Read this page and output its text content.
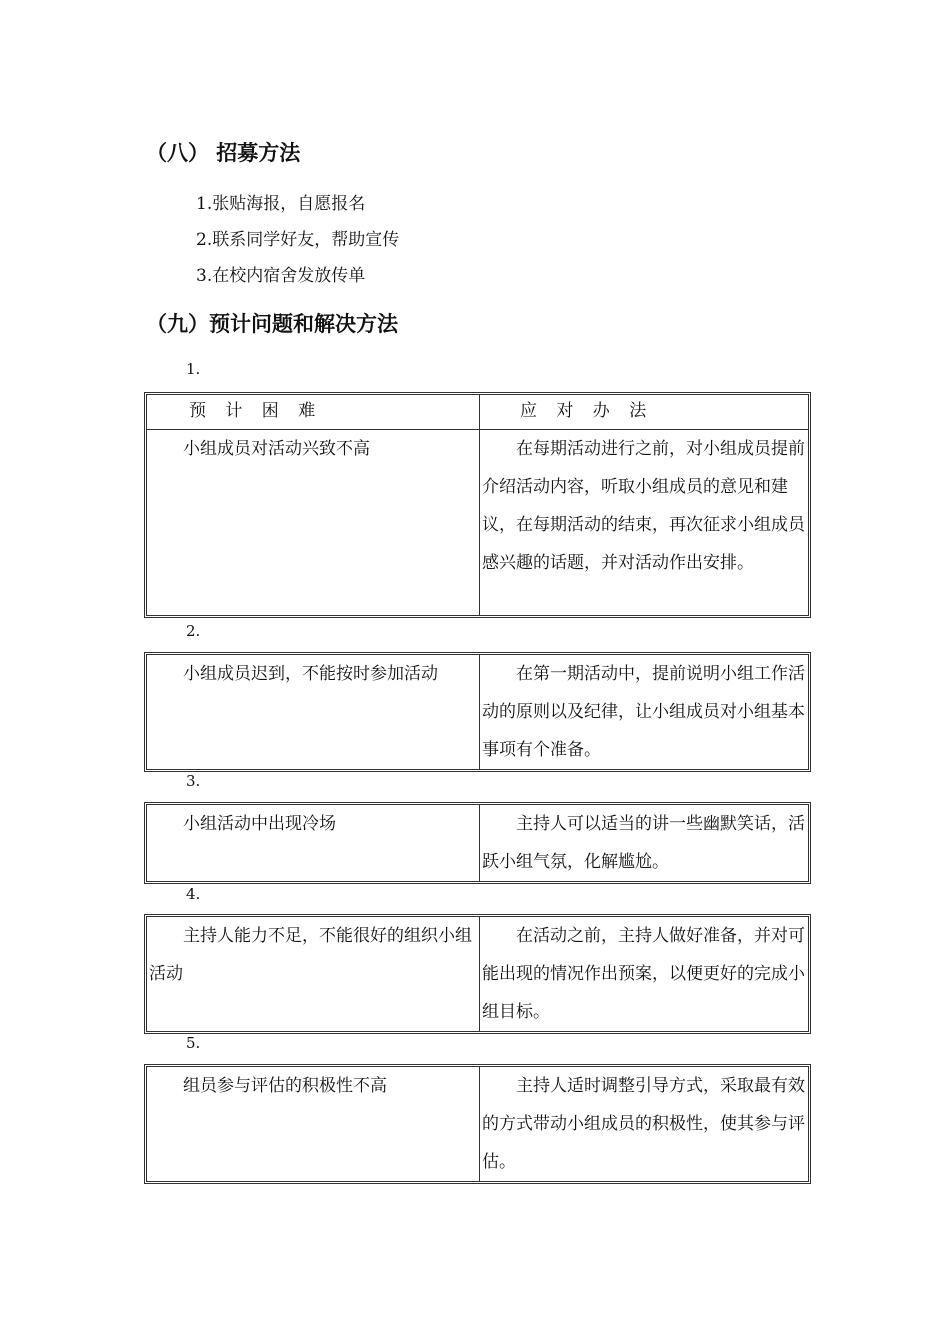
（八） 招募方法
1.张贴海报，自愿报名
2.联系同学好友，帮助宣传
3.在校内宿舍发放传单
（九）预计问题和解决方法
1.
预 计 困 难	应 对 办 法
小组成员对活动兴致不高	在每期活动进行之前，对小组成员提前介绍活动内容，听取小组成员的意见和建议，在每期活动的结束，再次征求小组成员感兴趣的话题，并对活动作出安排。
2.
小组成员迟到，不能按时参加活动	在第一期活动中，提前说明小组工作活动的原则以及纪律，让小组成员对小组基本事项有个准备。
3.
小组活动中出现冷场	主持人可以适当的讲一些幽默笑话，活跃小组气氛，化解尴尬。
4.
主持人能力不足，不能很好的组织小组活动	在活动之前，主持人做好准备，并对可能出现的情况作出预案，以便更好的完成小组目标。
5.
组员参与评估的积极性不高	主持人适时调整引导方式，采取最有效的方式带动小组成员的积极性，使其参与评估。
